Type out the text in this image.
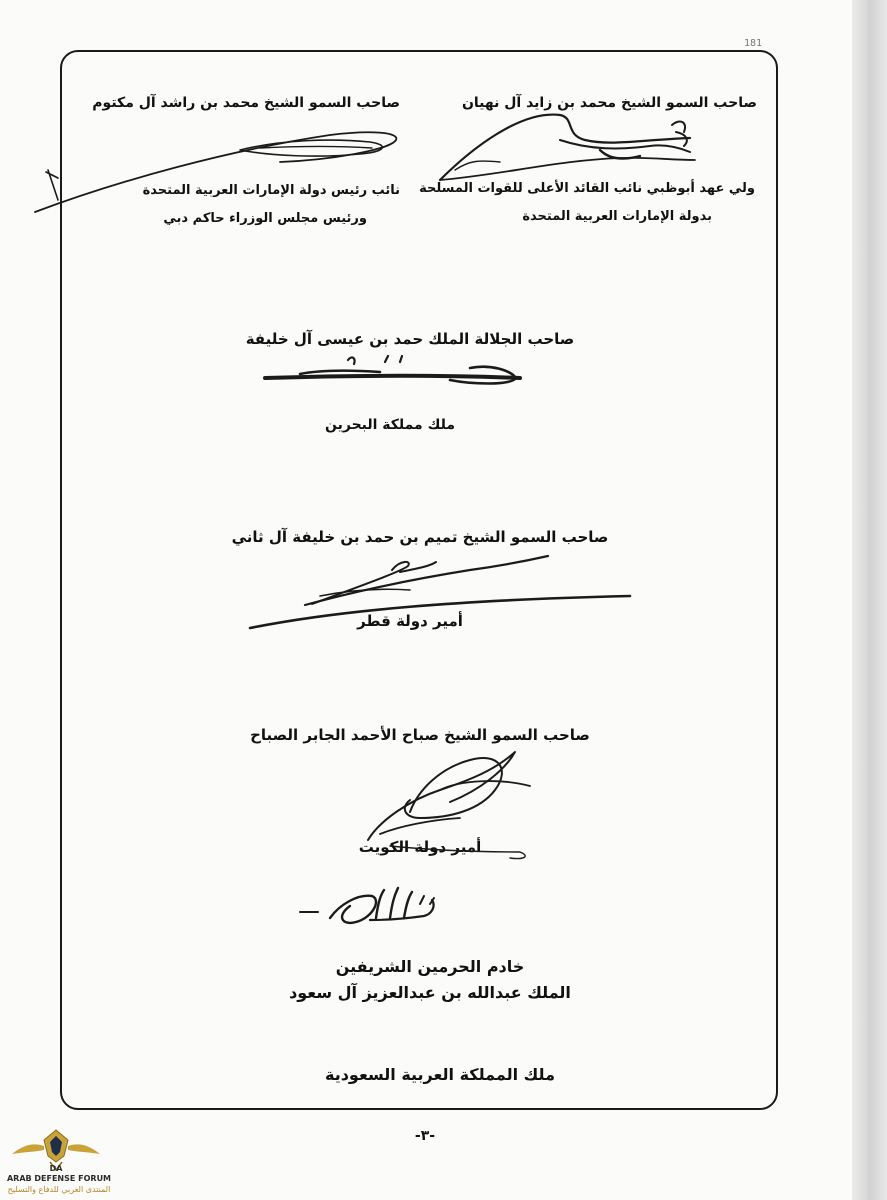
181
صاحب السمو الشيخ محمد بن زايد آل نهيان
ولي عهد أبوظبي نائب القائد الأعلى للقوات المسلحة
بدولة الإمارات العربية المتحدة
صاحب السمو الشيخ محمد بن راشد آل مكتوم
نائب رئيس دولة الإمارات العربية المتحدة
ورئيس مجلس الوزراء حاكم دبي
صاحب الجلالة الملك حمد بن عيسى آل خليفة
ملك مملكة البحرين
صاحب السمو الشيخ تميم بن حمد بن خليفة آل ثاني
أمير دولة قطر
صاحب السمو الشيخ صباح الأحمد الجابر الصباح
أمير دولة الكويت
خادم الحرمين الشريفين
الملك عبدالله بن عبدالعزيز آل سعود
ملك المملكة العربية السعودية
-٣-
DA
ARAB DEFENSE FORUM
المنتدى العربي للدفاع والتسليح
